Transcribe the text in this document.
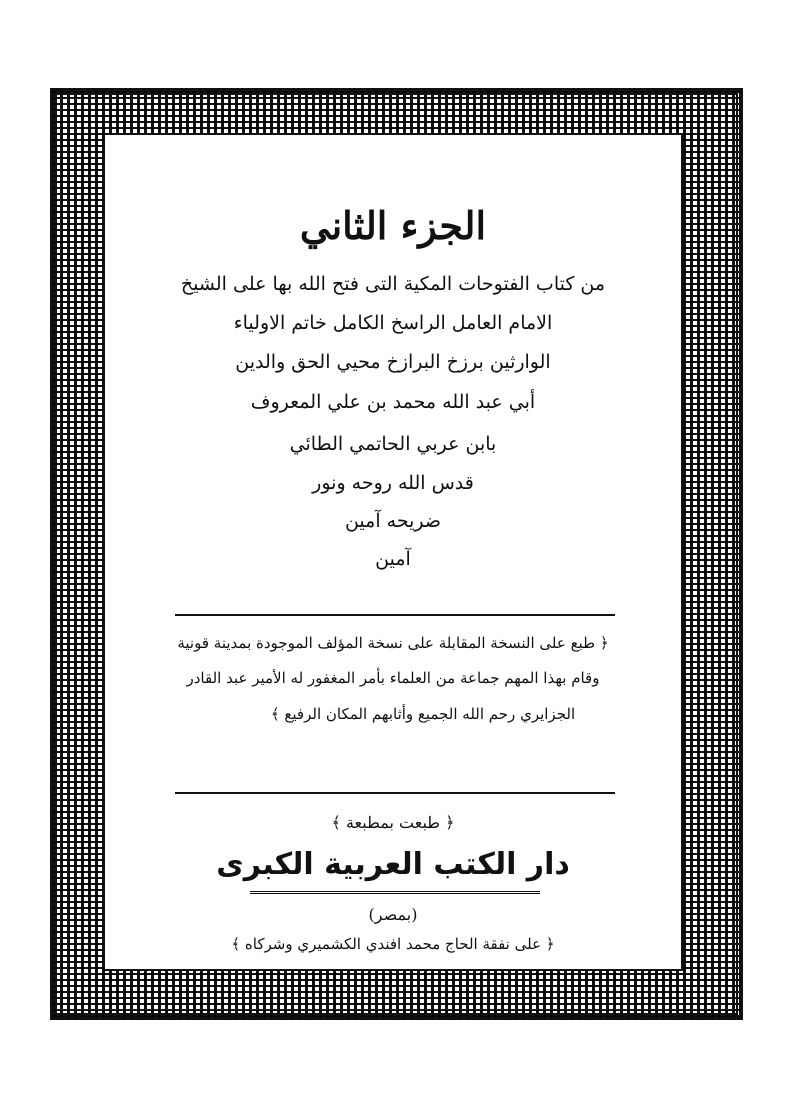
الجزء الثاني
من كتاب الفتوحات المكية التى فتح الله بها على الشيخ
الامام العامل الراسخ الكامل خاتم الاولياء
الوارثين برزخ البرازخ محيي الحق والدين
أبي عبد الله محمد بن علي المعروف
بابن عربي الحاتمي الطائي
قدس الله روحه ونور
ضريحه آمين
آمين
﴿ طبع على النسخة المقابلة على نسخة المؤلف الموجودة بمدينة قونية
وقام بهذا المهم جماعة من العلماء بأمر المغفور له الأمير عبد القادر
الجزايري رحم الله الجميع وأثابهم المكان الرفيع ﴾
﴿ طبعت بمطبعة ﴾
دار الكتب العربية الكبرى
(بمصر)
﴿ على نفقة الحاج محمد افندي الكشميري وشركاه ﴾
